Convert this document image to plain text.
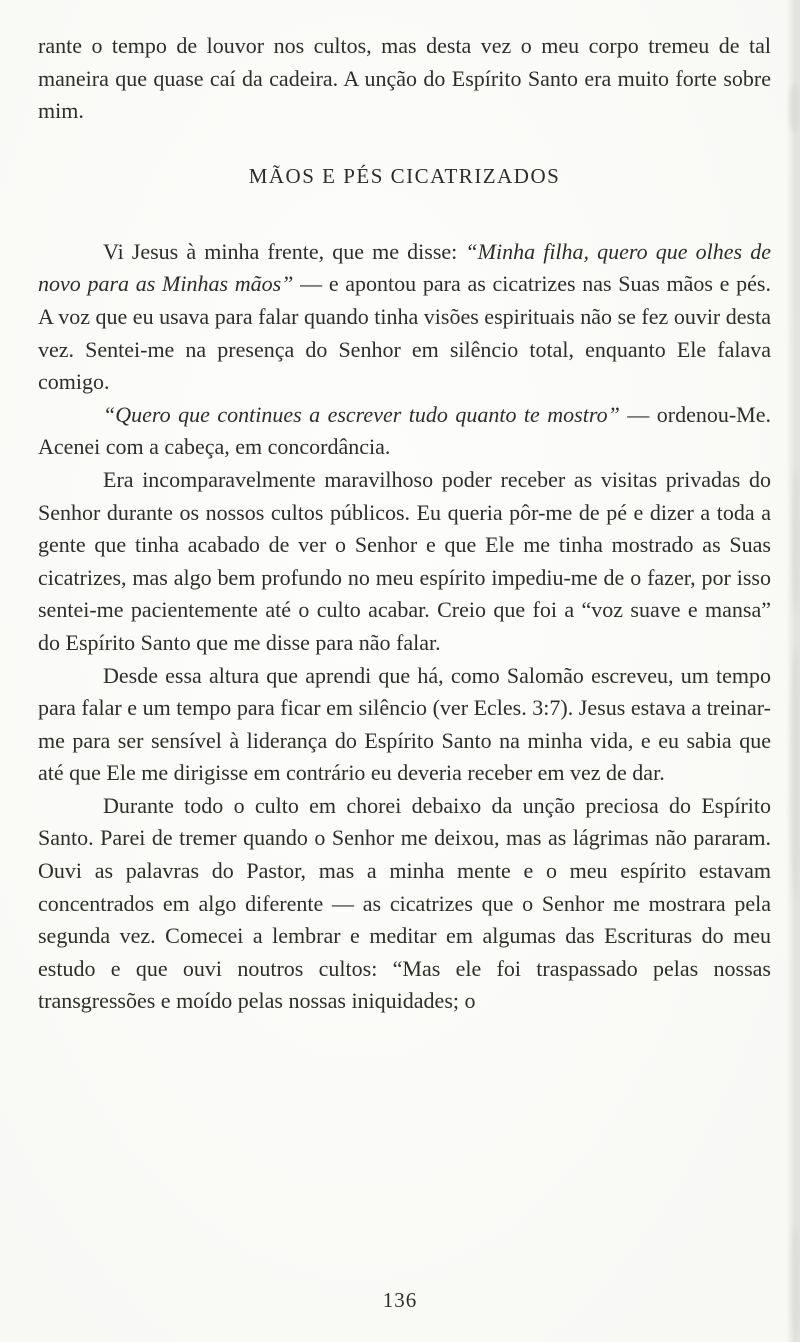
rante o tempo de louvor nos cultos, mas desta vez o meu corpo tremeu de tal maneira que quase caí da cadeira. A unção do Espírito Santo era muito forte sobre mim.

MÃOS E PÉS CICATRIZADOS

Vi Jesus à minha frente, que me disse: “Minha filha, quero que olhes de novo para as Minhas mãos” — e apontou para as cicatrizes nas Suas mãos e pés. A voz que eu usava para falar quando tinha visões espirituais não se fez ouvir desta vez. Sentei-me na presença do Senhor em silêncio total, enquanto Ele falava comigo.

“Quero que continues a escrever tudo quanto te mostro” — ordenou-Me. Acenei com a cabeça, em concordância.

Era incomparavelmente maravilhoso poder receber as visitas privadas do Senhor durante os nossos cultos públicos. Eu queria pôr-me de pé e dizer a toda a gente que tinha acabado de ver o Senhor e que Ele me tinha mostrado as Suas cicatrizes, mas algo bem profundo no meu espírito impediu-me de o fazer, por isso sentei-me pacientemente até o culto acabar. Creio que foi a “voz suave e mansa” do Espírito Santo que me disse para não falar.

Desde essa altura que aprendi que há, como Salomão escreveu, um tempo para falar e um tempo para ficar em silêncio (ver Ecles. 3:7). Jesus estava a treinar-me para ser sensível à liderança do Espírito Santo na minha vida, e eu sabia que até que Ele me dirigisse em contrário eu deveria receber em vez de dar.

Durante todo o culto em chorei debaixo da unção preciosa do Espírito Santo. Parei de tremer quando o Senhor me deixou, mas as lágrimas não pararam. Ouvi as palavras do Pastor, mas a minha mente e o meu espírito estavam concentrados em algo diferente — as cicatrizes que o Senhor me mostrara pela segunda vez. Comecei a lembrar e meditar em algumas das Escrituras do meu estudo e que ouvi noutros cultos: “Mas ele foi traspassado pelas nossas transgressões e moído pelas nossas iniquidades; o

136
